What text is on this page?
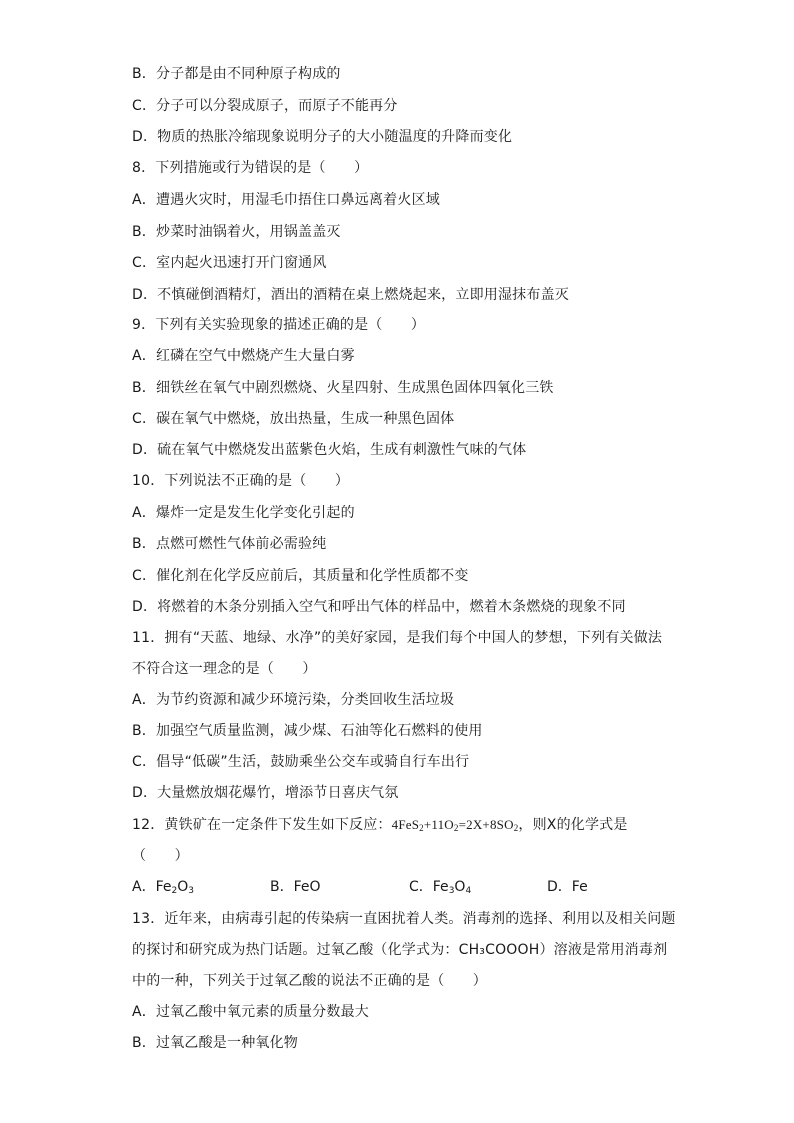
B．分子都是由不同种原子构成的
C．分子可以分裂成原子，而原子不能再分
D．物质的热胀冷缩现象说明分子的大小随温度的升降而变化
8．下列措施或行为错误的是（　　）
A．遭遇火灾时，用湿毛巾捂住口鼻远离着火区域
B．炒菜时油锅着火，用锅盖盖灭
C．室内起火迅速打开门窗通风
D．不慎碰倒酒精灯，酒出的酒精在桌上燃烧起来，立即用湿抹布盖灭
9．下列有关实验现象的描述正确的是（　　）
A．红磷在空气中燃烧产生大量白雾
B．细铁丝在氧气中剧烈燃烧、火星四射、生成黑色固体四氧化三铁
C．碳在氧气中燃烧，放出热量，生成一种黑色固体
D．硫在氧气中燃烧发出蓝紫色火焰，生成有刺激性气味的气体
10．下列说法不正确的是（　　）
A．爆炸一定是发生化学变化引起的
B．点燃可燃性气体前必需验纯
C．催化剂在化学反应前后，其质量和化学性质都不变
D．将燃着的木条分别插入空气和呼出气体的样品中，燃着木条燃烧的现象不同
11．拥有“天蓝、地绿、水净”的美好家园，是我们每个中国人的梦想，下列有关做法
不符合这一理念的是（　　）
A．为节约资源和减少环境污染，分类回收生活垃圾
B．加强空气质量监测，减少煤、石油等化石燃料的使用
C．倡导“低碳”生活，鼓励乘坐公交车或骑自行车出行
D．大量燃放烟花爆竹，增添节日喜庆气氛
12．黄铁矿在一定条件下发生如下反应：$4FeS_2+11O_2=2X+8SO_2$，则X的化学式是
（　　）
A．$Fe_2O_3$	B．FeO	C．$Fe_3O_4$	D．Fe
13．近年来，由病毒引起的传染病一直困扰着人类。消毒剂的选择、利用以及相关问题
的探讨和研究成为热门话题。过氧乙酸（化学式为：CH₃COOOH）溶液是常用消毒剂
中的一种，下列关于过氧乙酸的说法不正确的是（　　）
A．过氧乙酸中氧元素的质量分数最大
B．过氧乙酸是一种氧化物
